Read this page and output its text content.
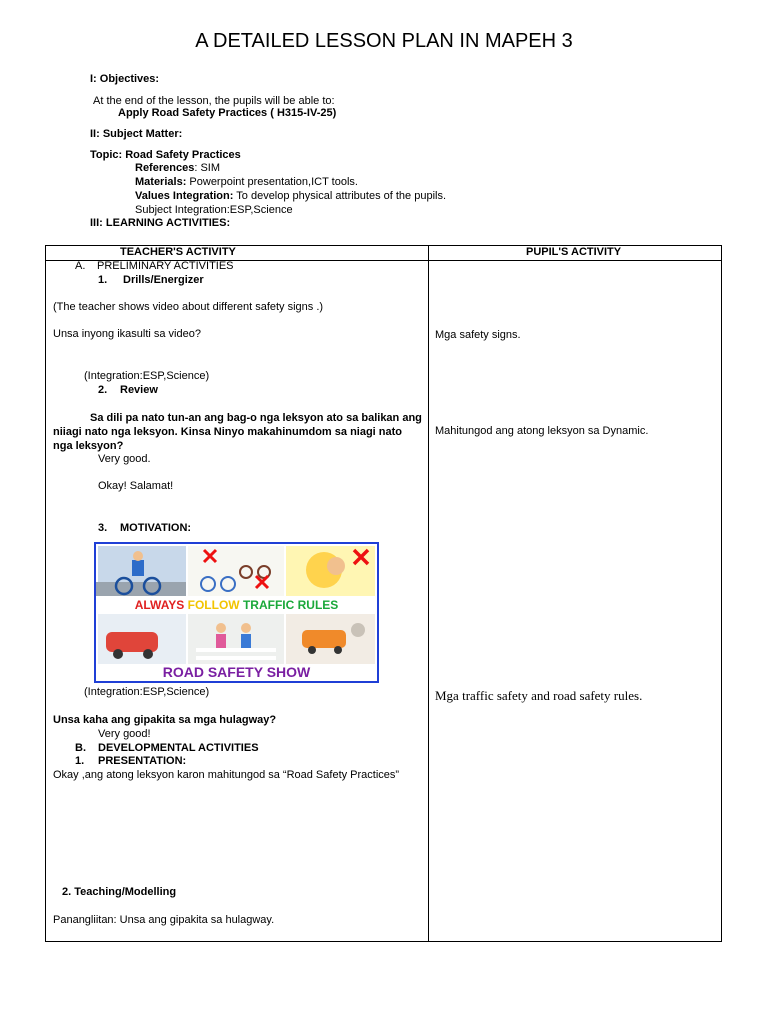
A DETAILED LESSON PLAN IN MAPEH 3
I: Objectives:
At the end of the lesson, the pupils will be able to:
Apply Road Safety Practices ( H315-IV-25)
II: Subject Matter:
Topic: Road Safety Practices
References: SIM
Materials: Powerpoint presentation,ICT tools.
Values Integration: To develop physical attributes of the pupils.
Subject Integration:ESP,Science
III: LEARNING ACTIVITIES:
TEACHER'S ACTIVITY	PUPIL'S ACTIVITY
A. PRELIMINARY ACTIVITIES
1. Drills/Energizer
(The teacher shows video about different safety signs .)
Unsa inyong ikasulti sa video?
(Integration:ESP,Science)
2. Review
Sa dili pa nato tun-an ang bag-o nga leksyon ato sa balikan ang niiagi nato nga leksyon. Kinsa Ninyo makahinumdom sa niagi nato nga leksyon?
Very good.
Okay! Salamat!
3. MOTIVATION:
ALWAYS FOLLOW TRAFFIC RULES
ROAD SAFETY SHOW
(Integration:ESP,Science)
Unsa kaha ang gipakita sa mga hulagway?
Very good!
B. DEVELOPMENTAL ACTIVITIES
1. PRESENTATION:
Okay ,ang atong leksyon karon mahitungod sa “Road Safety Practices”
2. Teaching/Modelling
Panangliitan: Unsa ang gipakita sa hulagway.
Mga safety signs.
Mahitungod ang atong leksyon sa Dynamic.
Mga traffic safety and road safety rules.
